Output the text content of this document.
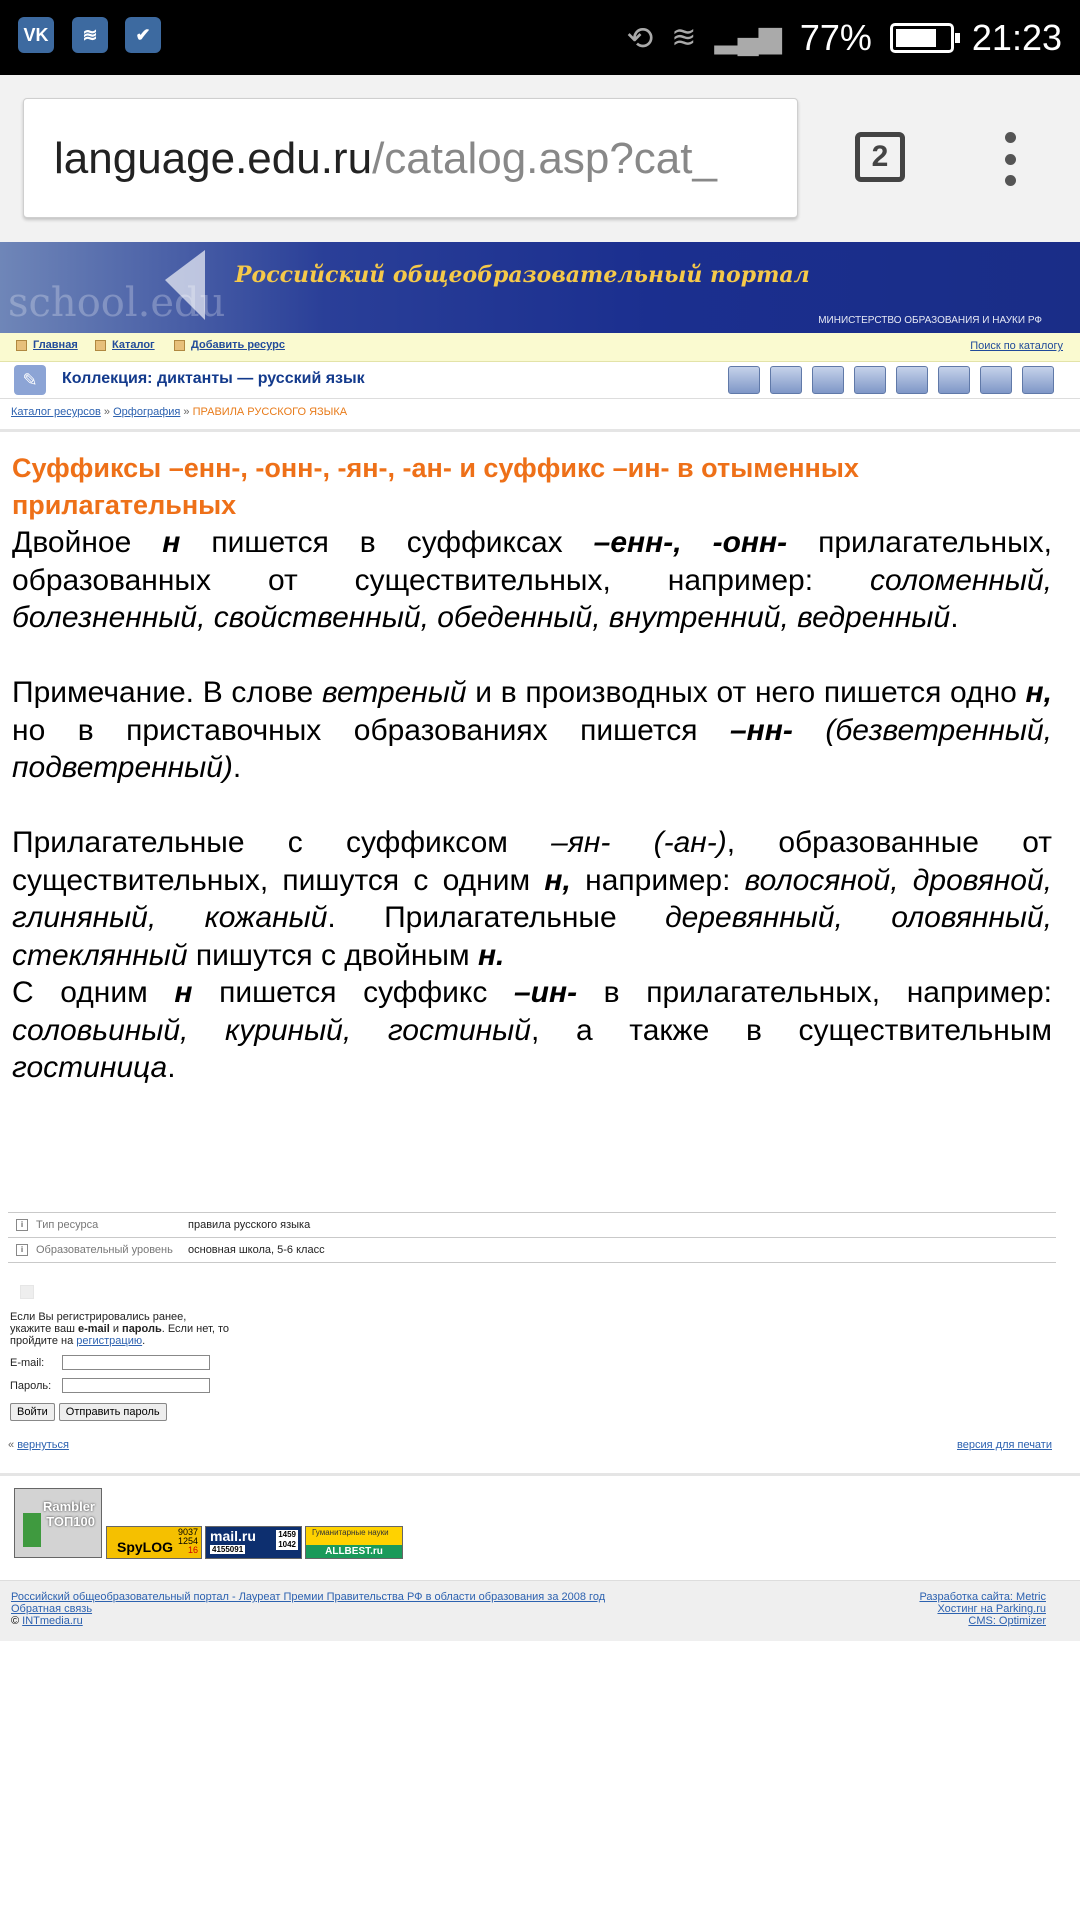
VK	≋	✔	⟲ ≋ ▂▄▆ 77%	21:23
language.edu.ru/catalog.asp?cat_	2
school.edu
Российский общеобразовательный портал
МИНИСТЕРСТВО ОБРАЗОВАНИЯ И НАУКИ РФ
Главная	Каталог	Добавить ресурс	Поиск по каталогу
✎	Коллекция: диктанты — русский язык
Каталог ресурсов » Орфография » ПРАВИЛА РУССКОГО ЯЗЫКА
Суффиксы –енн-, -онн-, -ян-, -ан- и суффикс –ин- в отыменных прилагательных

Двойное н пишется в суффиксах –енн-, -онн- прилагательных, образованных от существительных, например: соломенный, болезненный, свойственный, обеденный, внутренний, ведренный.

Примечание. В слове ветреный и в производных от него пишется одно н, но в приставочных образованиях пишется –нн- (безветренный, подветренный).

Прилагательные с суффиксом –ян- (-ан-), образованные от существительных, пишутся с одним н, например: волосяной, дровяной, глиняный, кожаный. Прилагательные деревянный, оловянный, стеклянный пишутся с двойным н.

С одним н пишется суффикс –ин- в прилагательных, например: соловьиный, куриный, гостиный, а также в существительным гостиница.

i	Тип ресурса	правила русского языка
i	Образовательный уровень	основная школа, 5-6 класс
Если Вы регистрировались ранее, укажите ваш e-mail и пароль. Если нет, то пройдите на регистрацию.
E-mail:
Пароль:
Войти	Отправить пароль
« вернуться	версия для печати
Rambler ТОП100
9037
1254
16
SpyLOG
mail.ru
4155091
1459
1042
Гуманитарные науки
ALLBEST.ru
Российский общеобразовательный портал - Лауреат Премии Правительства РФ в области образования за 2008 год
Обратная связь
© INTmedia.ru
Разработка сайта: Metric
Хостинг на Parking.ru
CMS: Optimizer
